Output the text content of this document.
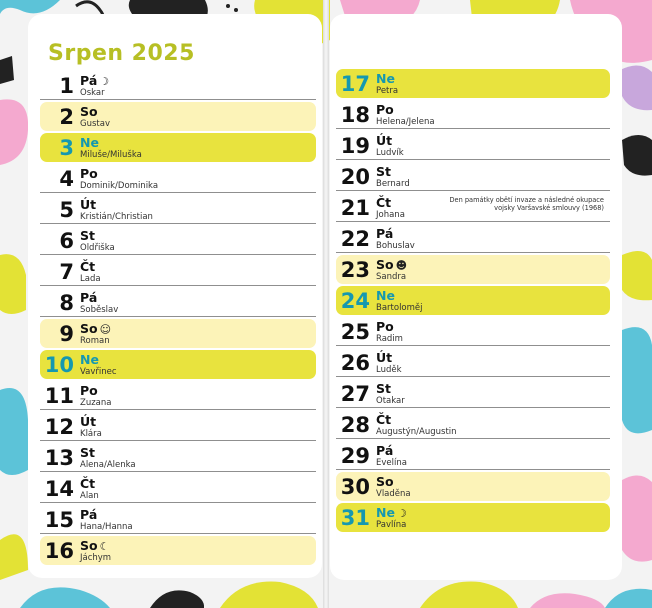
Srpen 2025
1 Pá ☽
Oskar
2 So
Gustav
3 Ne
Miluše/Miluška
4 Po
Dominik/Dominika
5 Út
Kristián/Christian
6 St
Oldřiška
7 Čt
Lada
8 Pá
Soběslav
9 So ☺
Roman
10 Ne
Vavřinec
11 Po
Zuzana
12 Út
Klára
13 St
Alena/Alenka
14 Čt
Alan
15 Pá
Hana/Hanna
16 So ☾
Jáchym
17 Ne
Petra
18 Po
Helena/Jelena
19 Út
Ludvík
20 St
Bernard
21 Čt
Johana
Den památky obětí invaze a následné okupace vojsky Varšavské smlouvy (1968)
22 Pá
Bohuslav
23 So ☻
Sandra
24 Ne
Bartoloměj
25 Po
Radim
26 Út
Luděk
27 St
Otakar
28 Čt
Augustýn/Augustin
29 Pá
Evelína
30 So
Vladěna
31 Ne ☽
Pavlína
